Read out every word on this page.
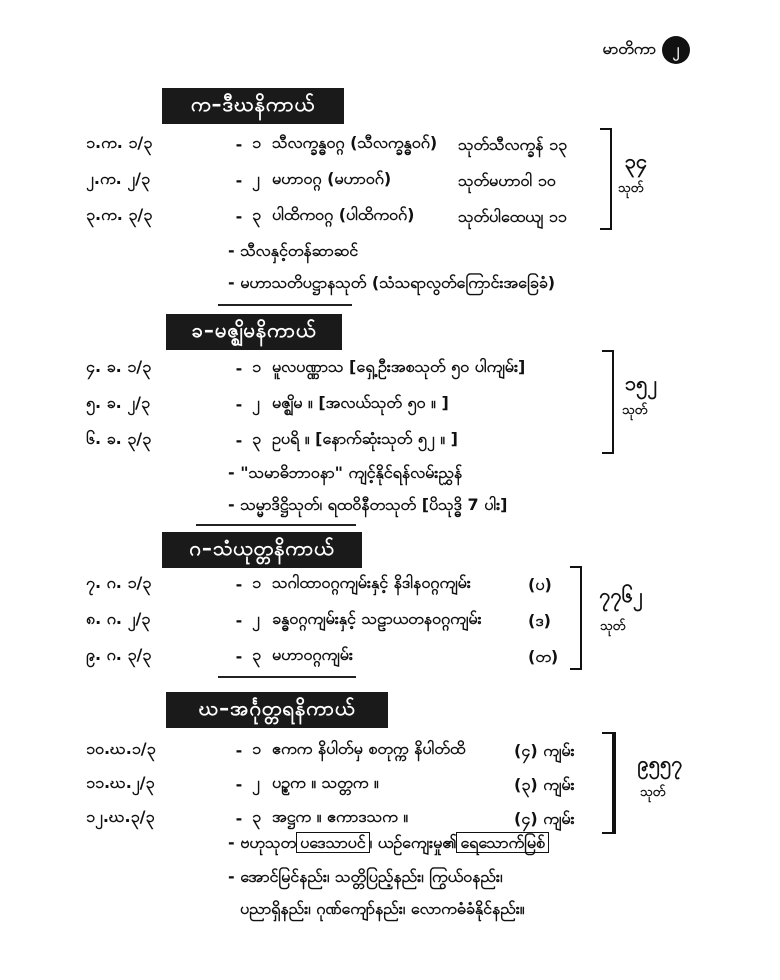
မာတိကာ	၂
က–ဒီဃနိကာယ်
၁.က. ၁/၃	- ၁ သီလက္ခန္ဓဝဂ္ဂ (သီလက္ခန္ဓဝဂ်) သုတ်သီလက္ခန် ၁၃
၂.က. ၂/၃	- ၂ မဟာဝဂ္ဂ (မဟာဝဂ်)	သုတ်မဟာဝါ ၁၀
၃.က. ၃/၃	- ၃ ပါထိကဝဂ္ဂ (ပါထိကဝဂ်)	သုတ်ပါထေယျ ၁၁
၃၄
သုတ်
- သီလနှင့်တန်ဆာဆင်
- မဟာသတိပဋ္ဌာနသုတ် (သံသရာလွတ်ကြောင်းအခြေခံ)
ခ–မဇ္ဈိမနိကာယ်
၄. ခ. ၁/၃	- ၁ မူလပဏ္ဏာသ [ရှေ့ဦးအစသုတ် ၅၀ ပါကျမ်း]
၅. ခ. ၂/၃	- ၂ မဇ္ဈိမ ။ [အလယ်သုတ် ၅၀ ။ ]
၆. ခ. ၃/၃	- ၃ ဥပရိ ။ [နောက်ဆုံးသုတ် ၅၂ ။ ]
၁၅၂
သုတ်
- "သမာဓိဘာဝနာ" ကျင့်နိုင်ရန်လမ်းညွှန်
- သမ္မာဒိဋ္ဌိသုတ်၊ ရထဝိနီတသုတ် [ပိသုဒ္ဓိ 7 ပါး]
ဂ–သံယုတ္တနိကာယ်
၇. ဂ. ၁/၃	- ၁ သဂါထာဝဂ္ဂကျမ်းနှင့် နိဒါနဝဂ္ဂကျမ်း	(ပ)
၈. ဂ. ၂/၃	- ၂ ခန္ဓဝဂ္ဂကျမ်းနှင့် သဠာယတနဝဂ္ဂကျမ်း	(ဒ)
၉. ဂ. ၃/၃	- ၃ မဟာဝဂ္ဂကျမ်း	(တ)
၇၇၆၂
သုတ်
ဃ–အင်္ဂုတ္တရနိကာယ်
၁၀.ဃ.၁/၃	- ၁ ဧကက နိပါတ်မှ စတုက္က နိပါတ်ထိ	(၄) ကျမ်း
၁၁.ဃ.၂/၃	- ၂ ပဉ္စက ။ သတ္တက ။	(၃) ကျမ်း
၁၂.ဃ.၃/၃	- ၃ အဋ္ဌက ။ ဧကာဒသက ။	(၄) ကျမ်း
၉၅၅၇
သုတ်
- ဗဟုသုတ ပဒေသာပင် ၊ ယဉ်ကျေးမှု၏ ရေသောက်မြစ်
- အောင်မြင်နည်း၊ သတ္တိပြည့်နည်း၊ ကြွယ်ဝနည်း၊
ပညာရှိနည်း၊ ဂုဏ်ကျော်နည်း၊ လောကဓံခံနိုင်နည်း။
